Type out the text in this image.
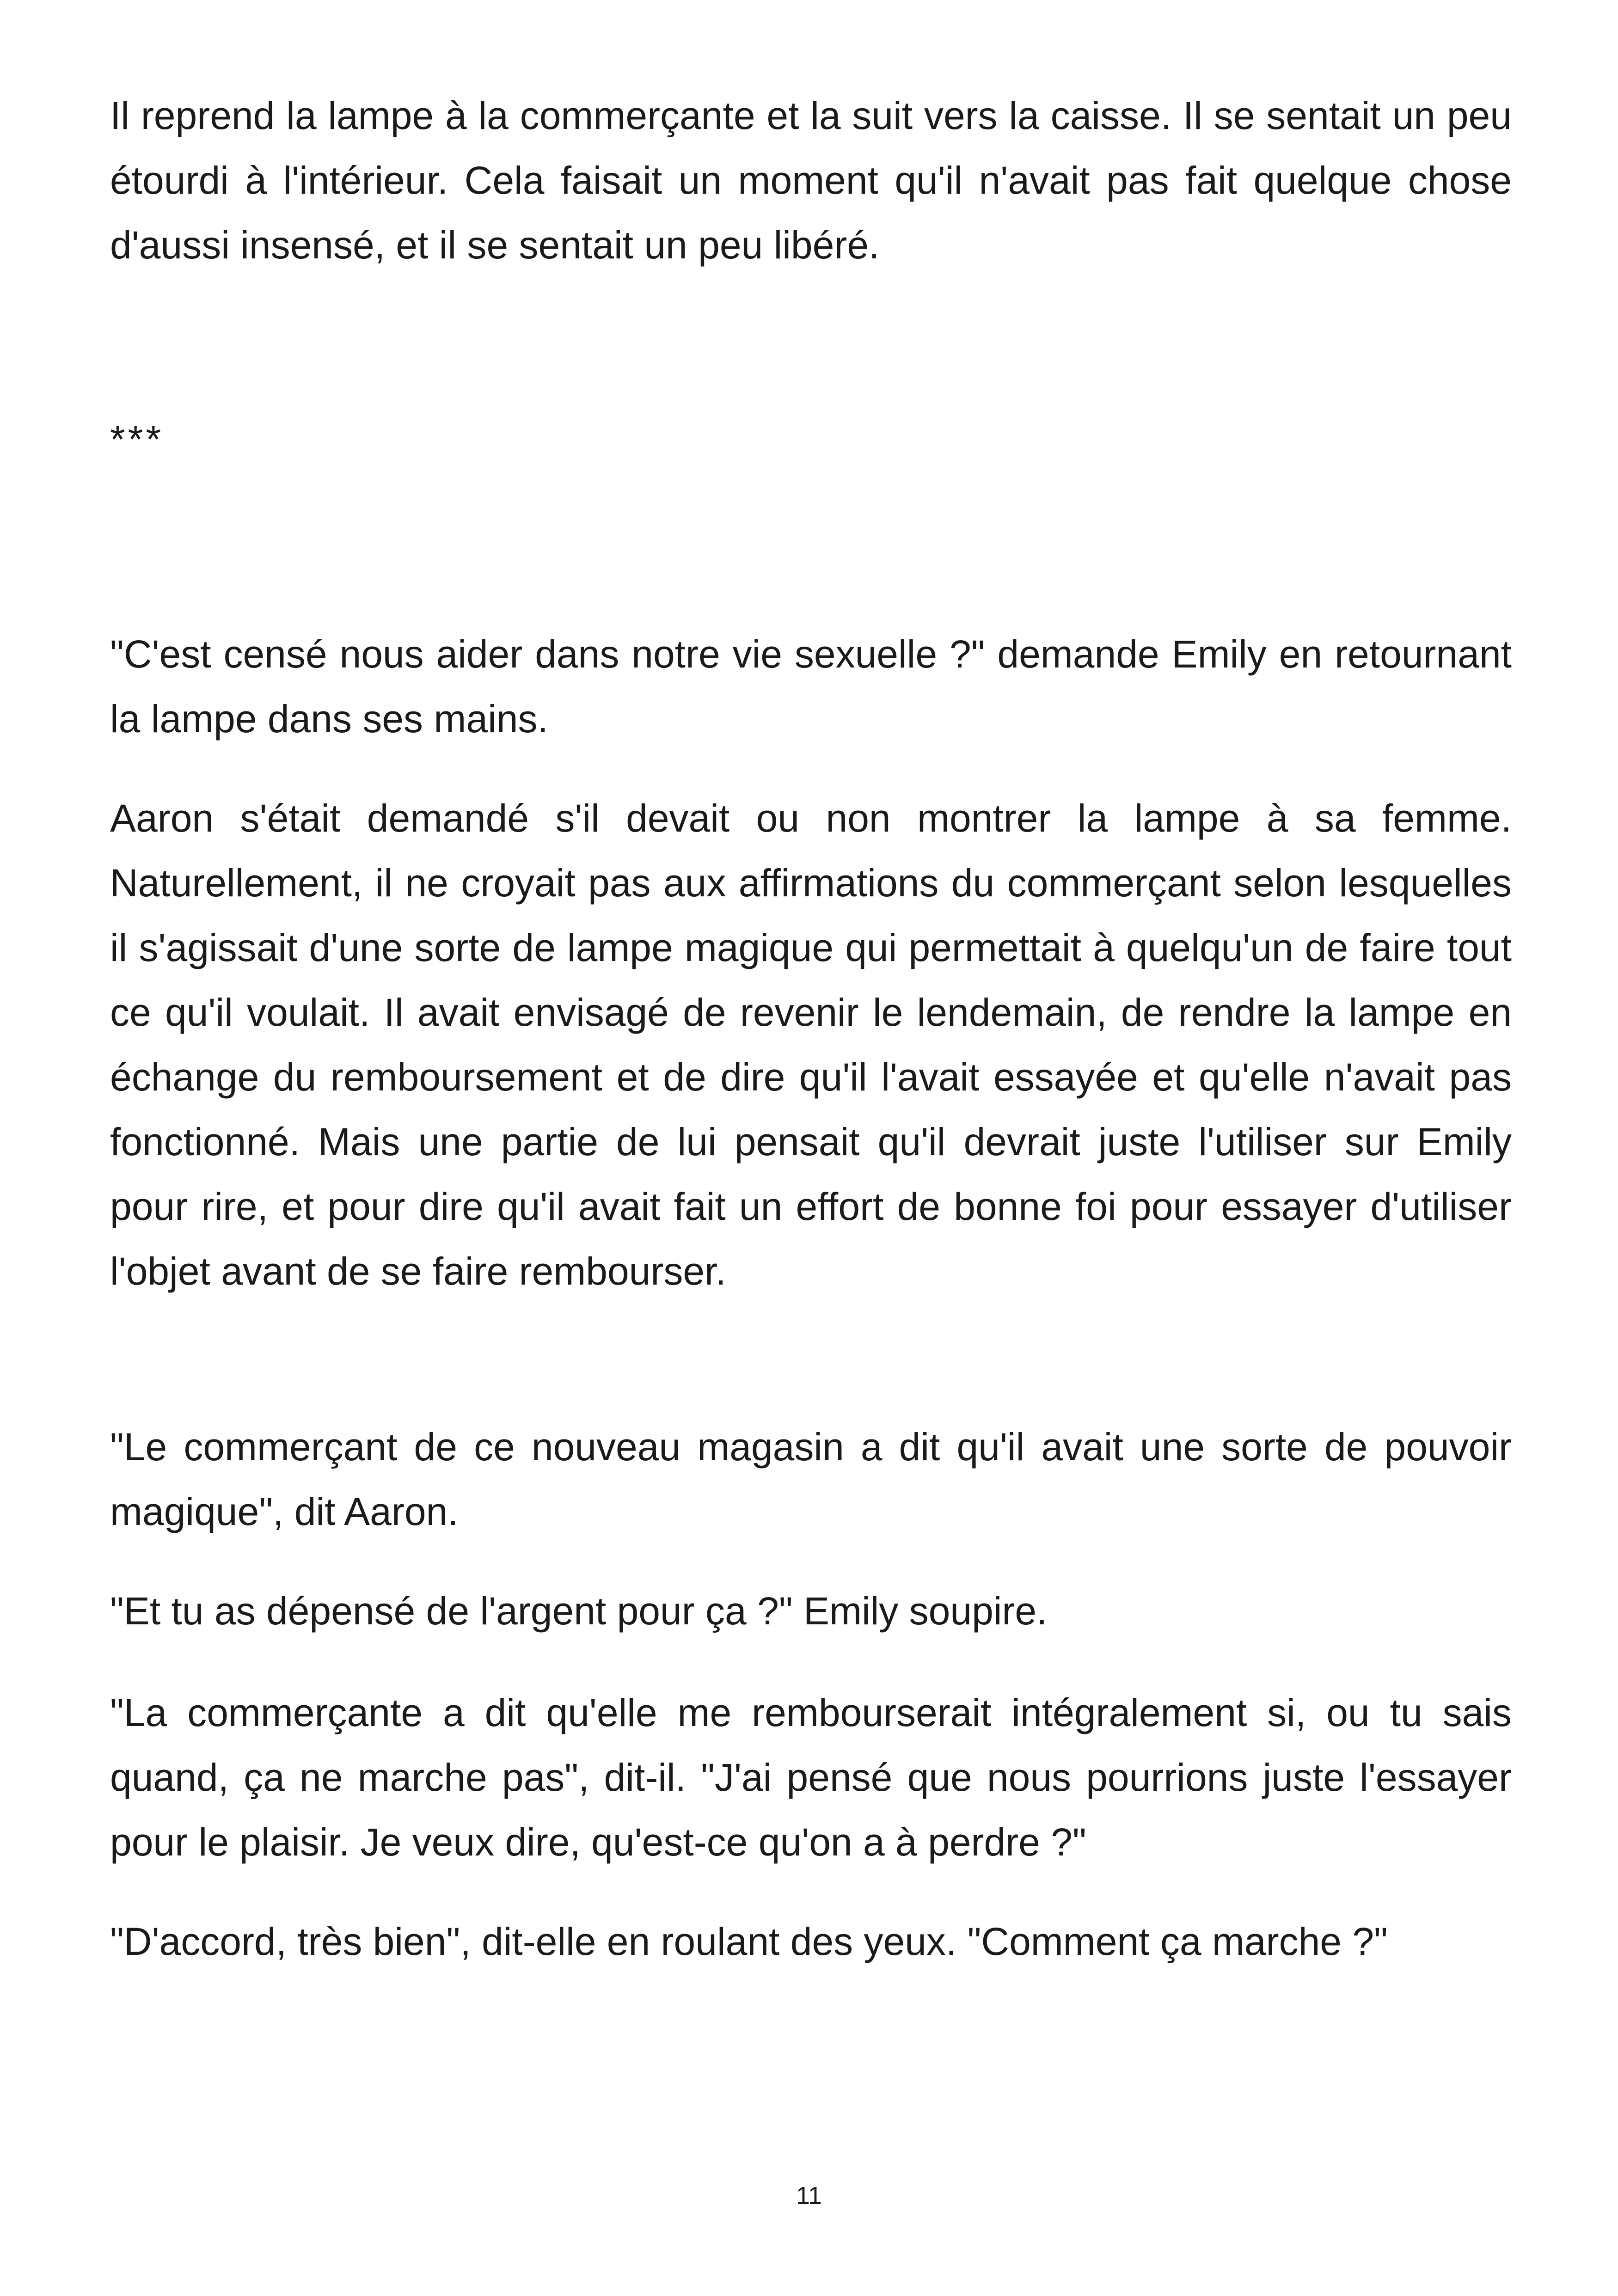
Il reprend la lampe à la commerçante et la suit vers la caisse. Il se sentait un peu étourdi à l'intérieur. Cela faisait un moment qu'il n'avait pas fait quelque chose d'aussi insensé, et il se sentait un peu libéré.

***

"C'est censé nous aider dans notre vie sexuelle ?" demande Emily en retournant la lampe dans ses mains.

Aaron s'était demandé s'il devait ou non montrer la lampe à sa femme. Naturellement, il ne croyait pas aux affirmations du commerçant selon lesquelles il s'agissait d'une sorte de lampe magique qui permettait à quelqu'un de faire tout ce qu'il voulait. Il avait envisagé de revenir le lendemain, de rendre la lampe en échange du remboursement et de dire qu'il l'avait essayée et qu'elle n'avait pas fonctionné. Mais une partie de lui pensait qu'il devrait juste l'utiliser sur Emily pour rire, et pour dire qu'il avait fait un effort de bonne foi pour essayer d'utiliser l'objet avant de se faire rembourser.

"Le commerçant de ce nouveau magasin a dit qu'il avait une sorte de pouvoir magique", dit Aaron.

"Et tu as dépensé de l'argent pour ça ?" Emily soupire.

"La commerçante a dit qu'elle me rembourserait intégralement si, ou tu sais quand, ça ne marche pas", dit-il. "J'ai pensé que nous pourrions juste l'essayer pour le plaisir. Je veux dire, qu'est-ce qu'on a à perdre ?"

"D'accord, très bien", dit-elle en roulant des yeux. "Comment ça marche ?"

11
